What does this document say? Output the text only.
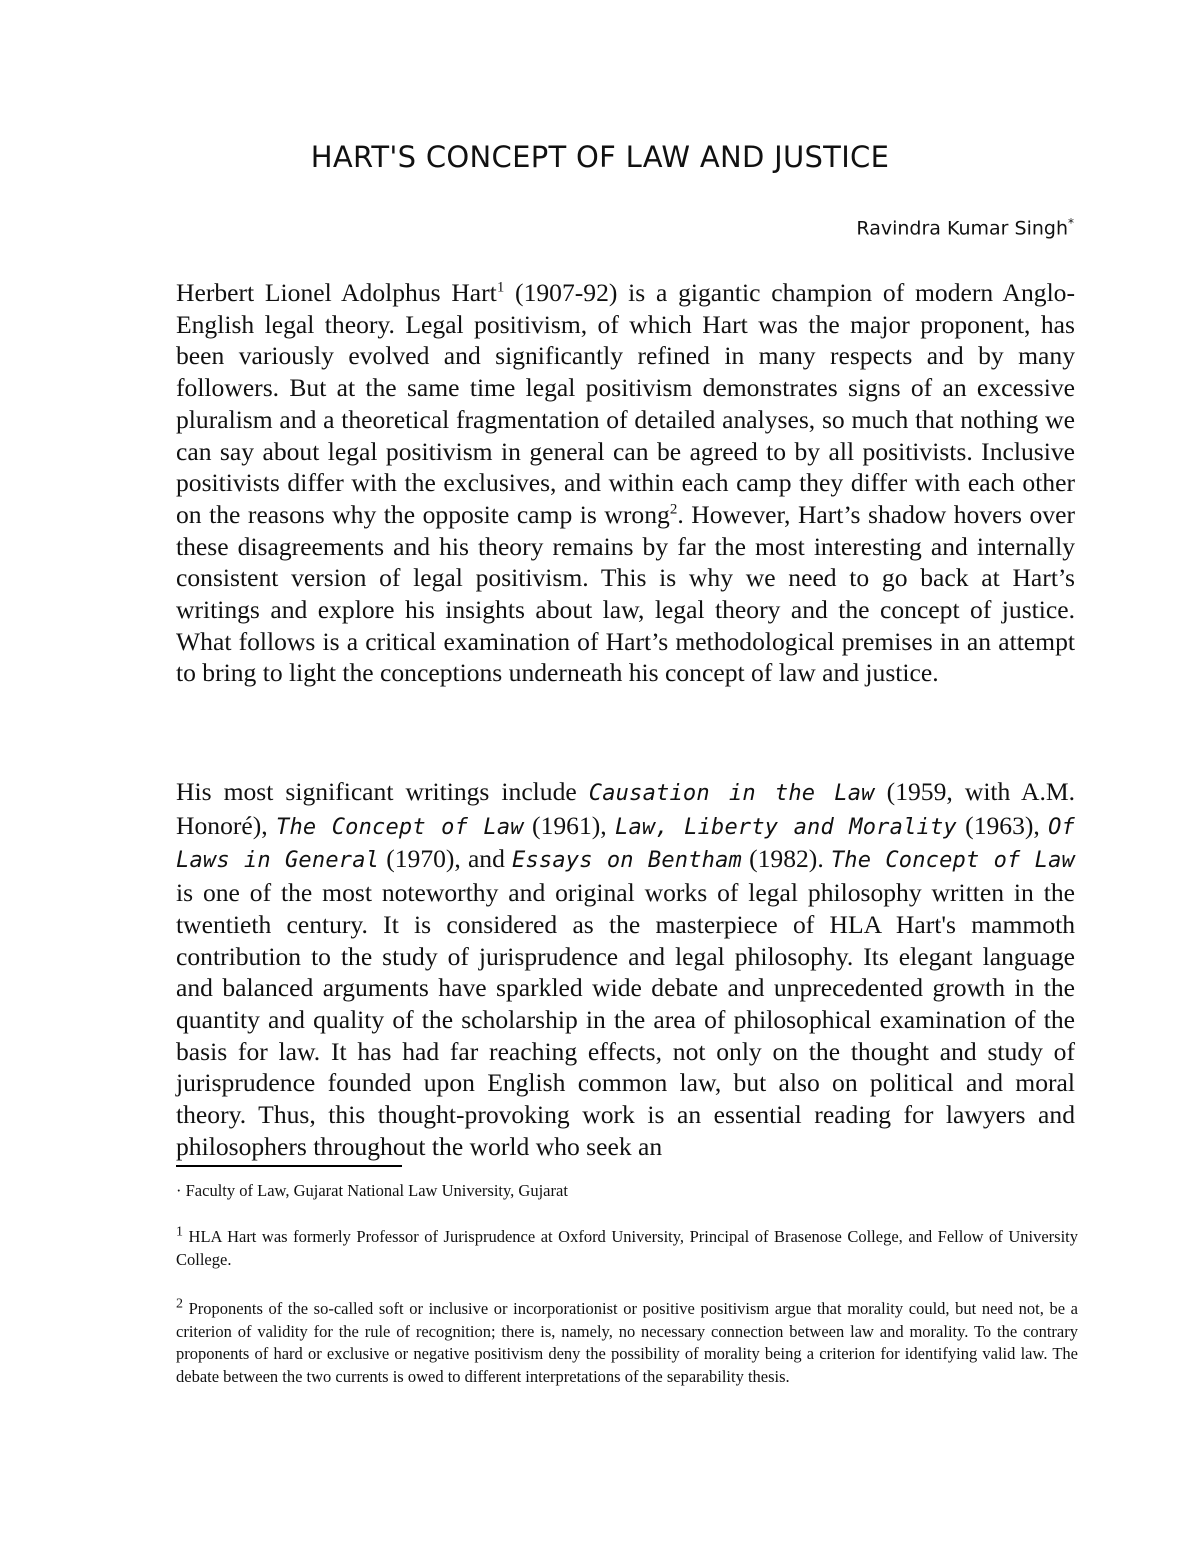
HART'S CONCEPT OF LAW AND JUSTICE
Ravindra Kumar Singh*
Herbert Lionel Adolphus Hart$^1$ (1907-92) is a gigantic champion of modern Anglo-English legal theory. Legal positivism, of which Hart was the major proponent, has been variously evolved and significantly refined in many respects and by many followers. But at the same time legal positivism demonstrates signs of an excessive pluralism and a theoretical fragmentation of detailed analyses, so much that nothing we can say about legal positivism in general can be agreed to by all positivists. Inclusive positivists differ with the exclusives, and within each camp they differ with each other on the reasons why the opposite camp is wrong$^2$. However, Hart’s shadow hovers over these disagreements and his theory remains by far the most interesting and internally consistent version of legal positivism. This is why we need to go back at Hart’s writings and explore his insights about law, legal theory and the concept of justice. What follows is a critical examination of Hart’s methodological premises in an attempt to bring to light the conceptions underneath his concept of law and justice.
His most significant writings include Causation in the Law (1959, with A.M. Honoré), The Concept of Law (1961), Law, Liberty and Morality (1963), Of Laws in General (1970), and Essays on Bentham (1982). The Concept of Law is one of the most noteworthy and original works of legal philosophy written in the twentieth century. It is considered as the masterpiece of HLA Hart's mammoth contribution to the study of jurisprudence and legal philosophy. Its elegant language and balanced arguments have sparkled wide debate and unprecedented growth in the quantity and quality of the scholarship in the area of philosophical examination of the basis for law. It has had far reaching effects, not only on the thought and study of jurisprudence founded upon English common law, but also on political and moral theory. Thus, this thought-provoking work is an essential reading for lawyers and philosophers throughout the world who seek an
· Faculty of Law, Gujarat National Law University, Gujarat
$^1$ HLA Hart was formerly Professor of Jurisprudence at Oxford University, Principal of Brasenose College, and Fellow of University College.
$^2$ Proponents of the so-called soft or inclusive or incorporationist or positive positivism argue that morality could, but need not, be a criterion of validity for the rule of recognition; there is, namely, no necessary connection between law and morality. To the contrary proponents of hard or exclusive or negative positivism deny the possibility of morality being a criterion for identifying valid law. The debate between the two currents is owed to different interpretations of the separability thesis.
